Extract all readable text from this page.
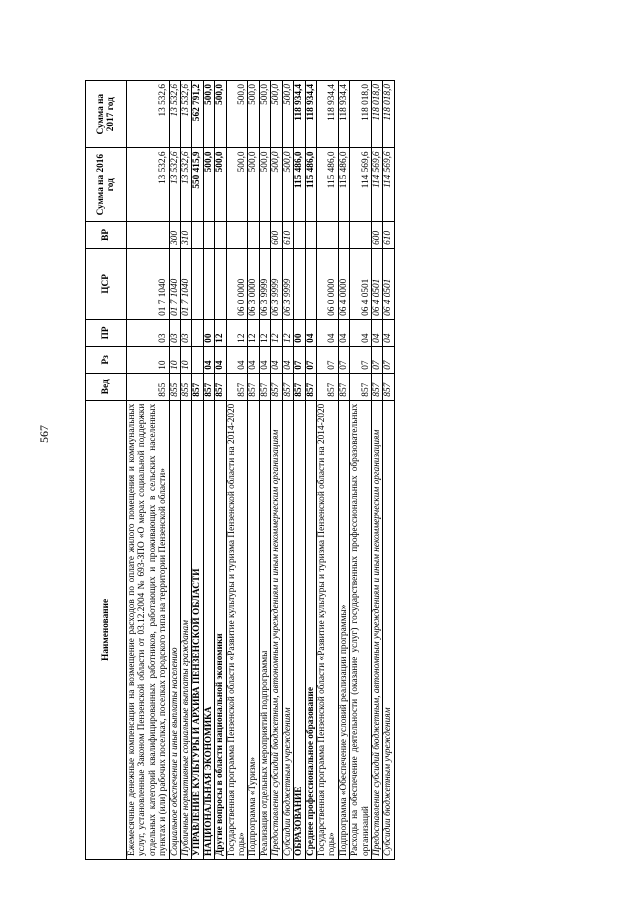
567
Наименование	Вед	Рз	ПР	ЦСР	ВР	Сумма на 2016 год	Сумма на 2017 год
Ежемесячные денежные компенсации на возмещение расходов по оплате жилого помещения и коммунальных услуг, установленные Законом Пензенской области от 03.12.2004 № 693-ЗПО «О мерах социальной поддержки отдельных категорий квалифицированных работников, работающих и проживающих в сельских населенных пунктах и (или) рабочих поселках, поселках городского типа на территории Пензенской области»	855	10	03	01 7 1040		13 532,6	13 532,6
Социальное обеспечение и иные выплаты населению	855	10	03	01 7 1040	300	13 532,6	13 532,6
Публичные нормативные социальные выплаты гражданам	855	10	03	01 7 1040	310	13 532,6	13 532,6
УПРАВЛЕНИЕ КУЛЬТУРЫ И АРХИВА ПЕНЗЕНСКОЙ ОБЛАСТИ	857					550 415,9	562 791,2
НАЦИОНАЛЬНАЯ ЭКОНОМИКА	857	04	00			500,0	500,0
Другие вопросы в области национальной экономики	857	04	12			500,0	500,0
Государственная программа Пензенской области «Развитие культуры и туризма Пензенской области на 2014-2020 годы»	857	04	12	06 0 0000		500,0	500,0
Подпрограмма «Туризм»	857	04	12	06 3 0000		500,0	500,0
Реализация отдельных мероприятий подпрограммы	857	04	12	06 3 9999		500,0	500,0
Предоставление субсидий бюджетным, автономным учреждениям и иным некоммерческим организациям	857	04	12	06 3 9999	600	500,0	500,0
Субсидии бюджетным учреждениям	857	04	12	06 3 9999	610	500,0	500,0
ОБРАЗОВАНИЕ	857	07	00			115 486,0	118 934,4
Среднее профессиональное образование	857	07	04			115 486,0	118 934,4
Государственная программа Пензенской области «Развитие культуры и туризма Пензенской области на 2014-2020 годы»	857	07	04	06 0 0000		115 486,0	118 934,4
Подпрограмма «Обеспечение условий реализации программы»	857	07	04	06 4 0000		115 486,0	118 934,4
Расходы на обеспечение деятельности (оказание услуг) государственных профессиональных образовательных организаций	857	07	04	06 4 0501		114 569,6	118 018,0
Предоставление субсидий бюджетным, автономным учреждениям и иным некоммерческим организациям	857	07	04	06 4 0501	600	114 569,6	118 018,0
Субсидии бюджетным учреждениям	857	07	04	06 4 0501	610	114 569,6	118 018,0
